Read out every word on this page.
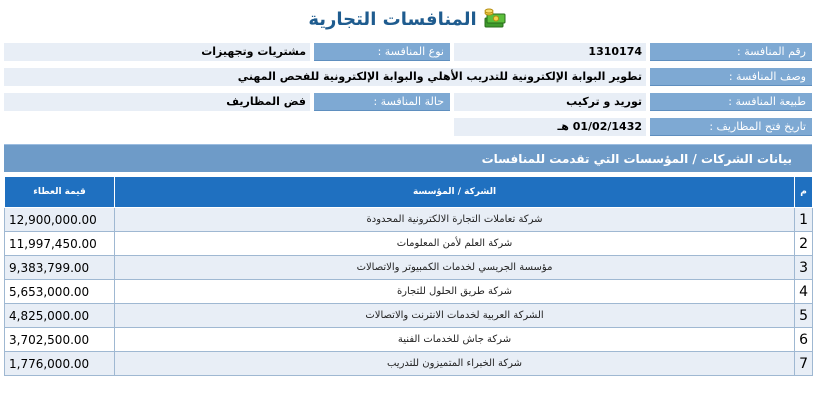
المنافسات التجارية
رقم المنافسة :
1310174
نوع المنافسة :
مشتريات وتجهيزات
وصف المنافسة :
تطوير البوابة الإلكترونية للتدريب الأهلي والبوابة الإلكترونية للفحص المهني
طبيعة المنافسة :
توريد و تركيب
حالة المنافسة :
فض المظاريف
تاريخ فتح المظاريف :
01/02/1432 هـ
بيانات الشركات / المؤسسات التي تقدمت للمنافسات
م	الشركة / المؤسسة	قيمة العطاء
1	شركة تعاملات التجارة الالكترونية المحدودة	12,900,000.00
2	شركة العلم لأمن المعلومات	11,997,450.00
3	مؤسسة الجريسي لخدمات الكمبيوتر والاتصالات	9,383,799.00
4	شركة طريق الحلول للتجارة	5,653,000.00
5	الشركة العربية لخدمات الانترنت والاتصالات	4,825,000.00
6	شركة جاش للخدمات الفنية	3,702,500.00
7	شركة الخبراء المتميزون للتدريب	1,776,000.00
